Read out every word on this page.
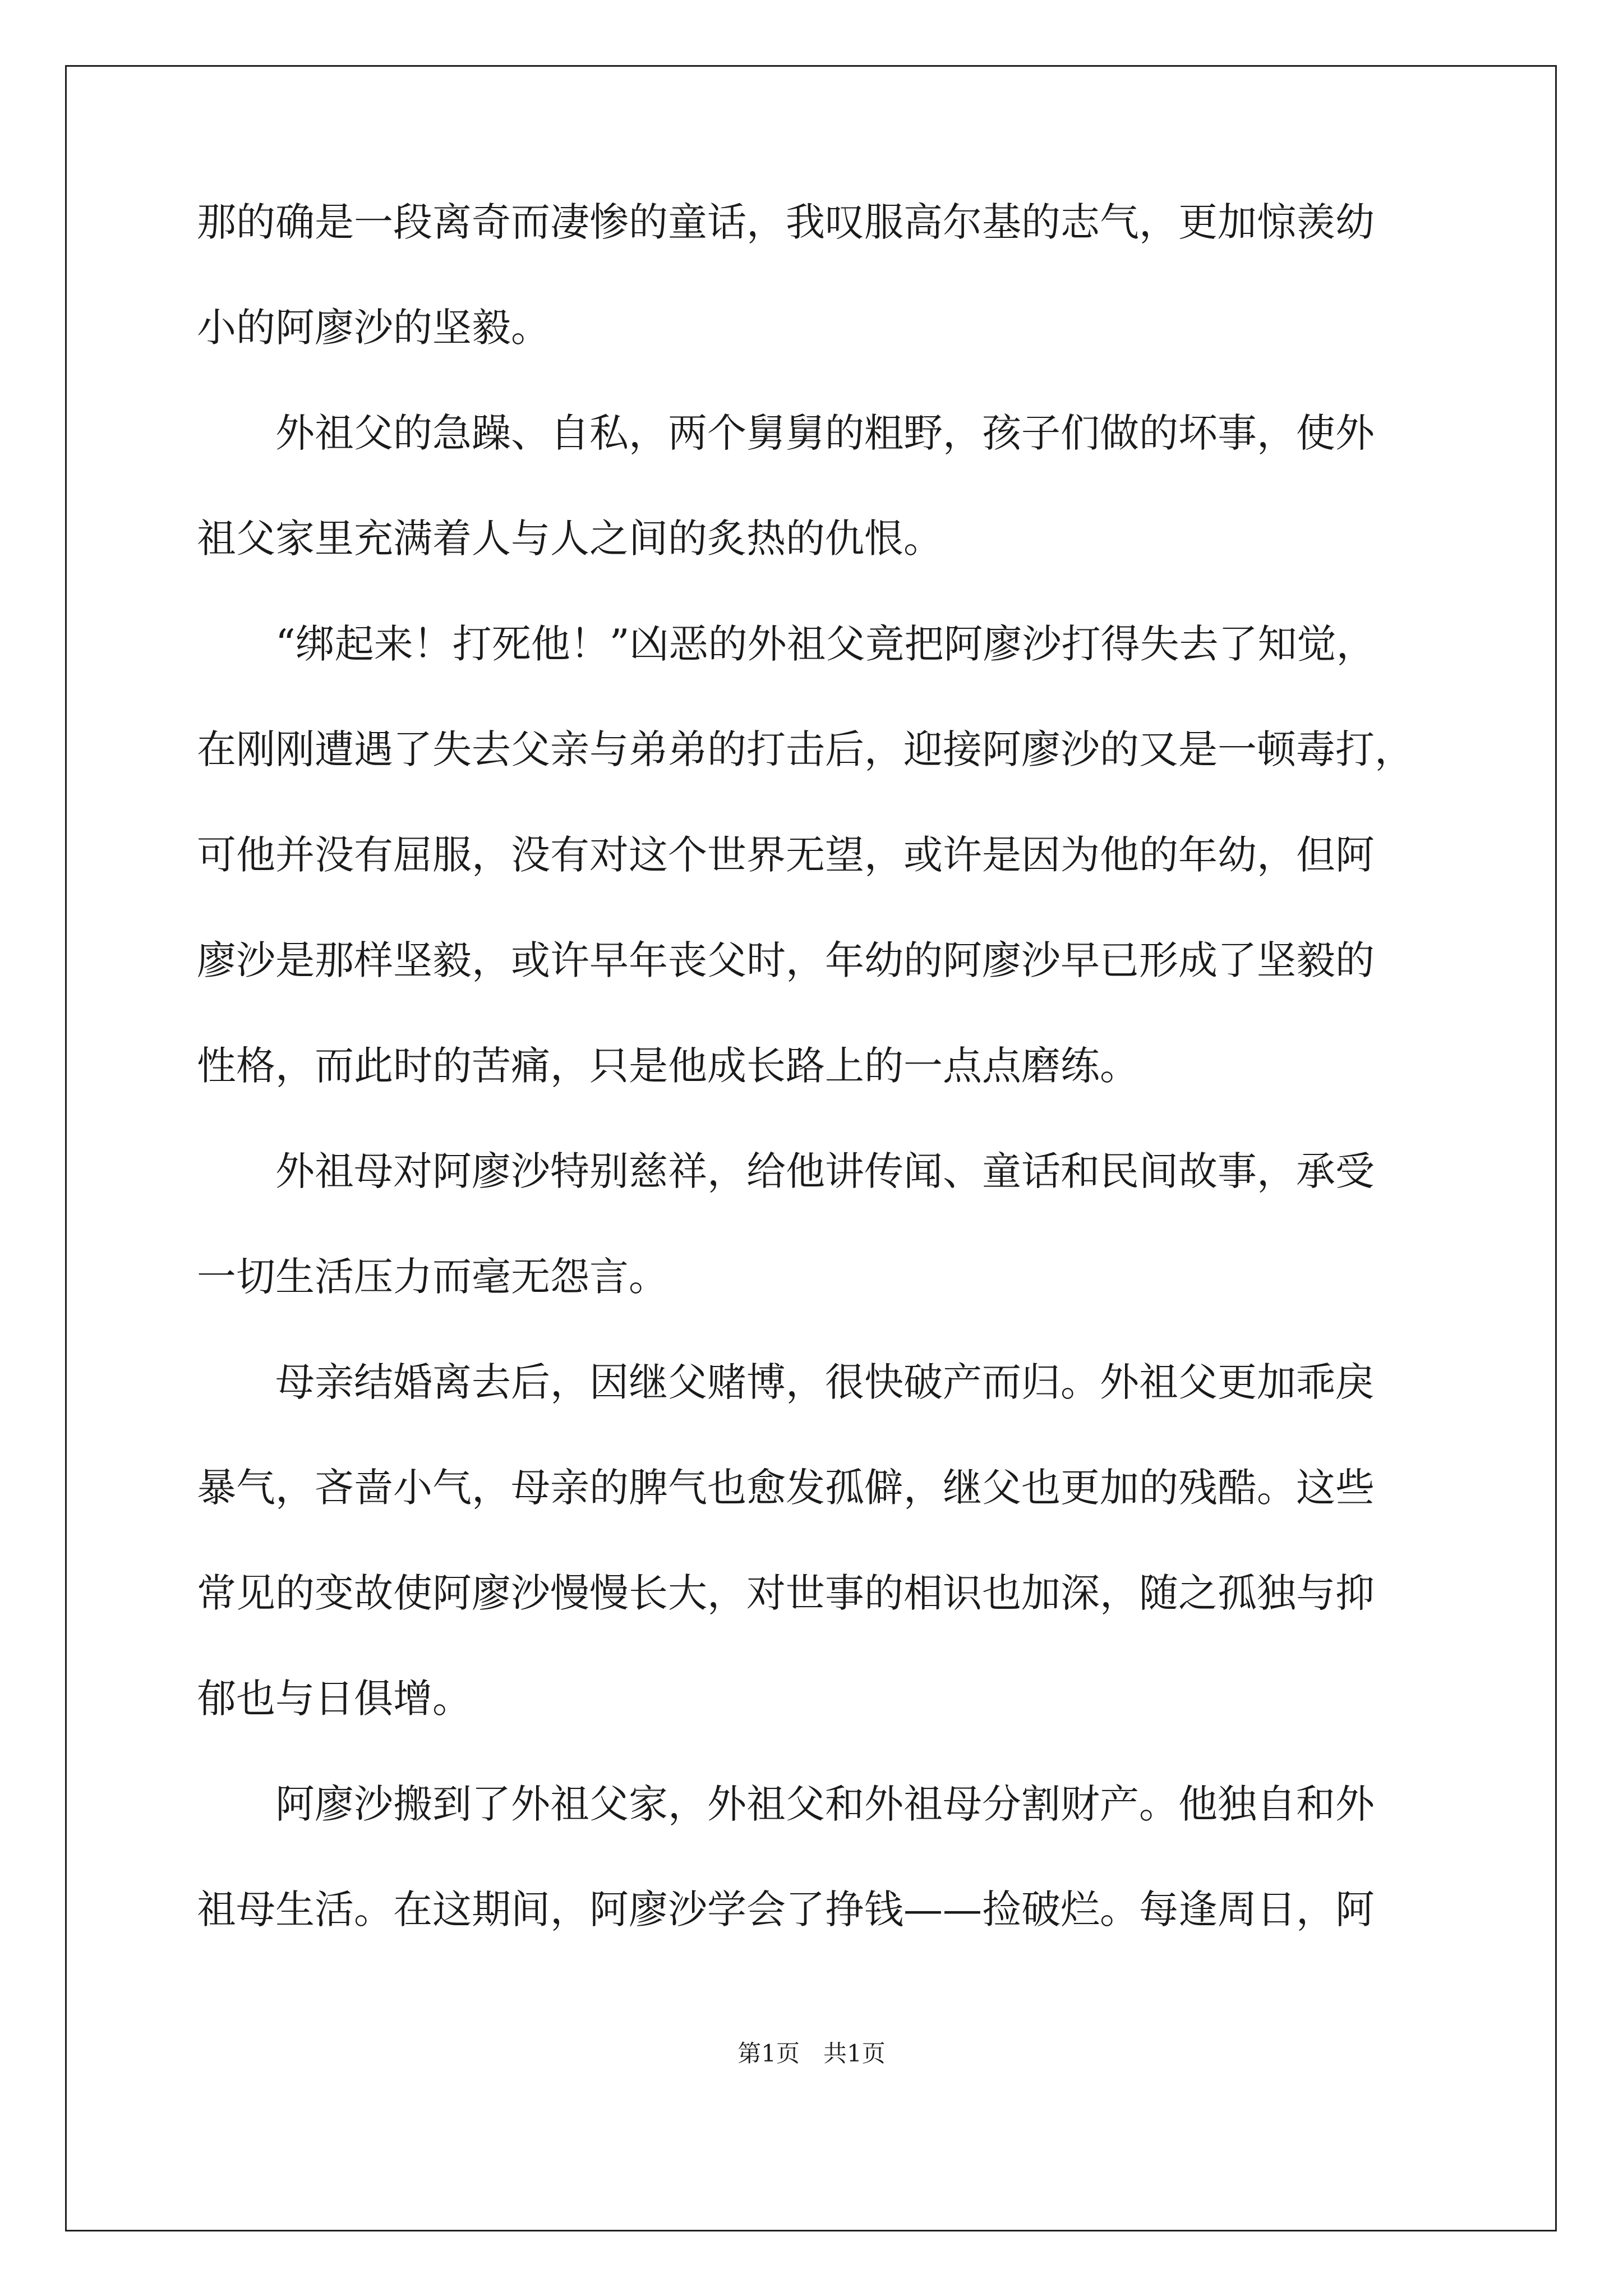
那的确是一段离奇而凄惨的童话，我叹服高尔基的志气，更加惊羡幼
小的阿廖沙的坚毅。
　　外祖父的急躁、自私，两个舅舅的粗野，孩子们做的坏事，使外
祖父家里充满着人与人之间的炙热的仇恨。
　　“绑起来！打死他！”凶恶的外祖父竟把阿廖沙打得失去了知觉，
在刚刚遭遇了失去父亲与弟弟的打击后，迎接阿廖沙的又是一顿毒打，
可他并没有屈服，没有对这个世界无望，或许是因为他的年幼，但阿
廖沙是那样坚毅，或许早年丧父时，年幼的阿廖沙早已形成了坚毅的
性格，而此时的苦痛，只是他成长路上的一点点磨练。
　　外祖母对阿廖沙特别慈祥，给他讲传闻、童话和民间故事，承受
一切生活压力而毫无怨言。
　　母亲结婚离去后，因继父赌博，很快破产而归。外祖父更加乖戾
暴气，吝啬小气，母亲的脾气也愈发孤僻，继父也更加的残酷。这些
常见的变故使阿廖沙慢慢长大，对世事的相识也加深，随之孤独与抑
郁也与日俱增。
　　阿廖沙搬到了外祖父家，外祖父和外祖母分割财产。他独自和外
祖母生活。在这期间，阿廖沙学会了挣钱——捡破烂。每逢周日，阿
第1页　共1页
